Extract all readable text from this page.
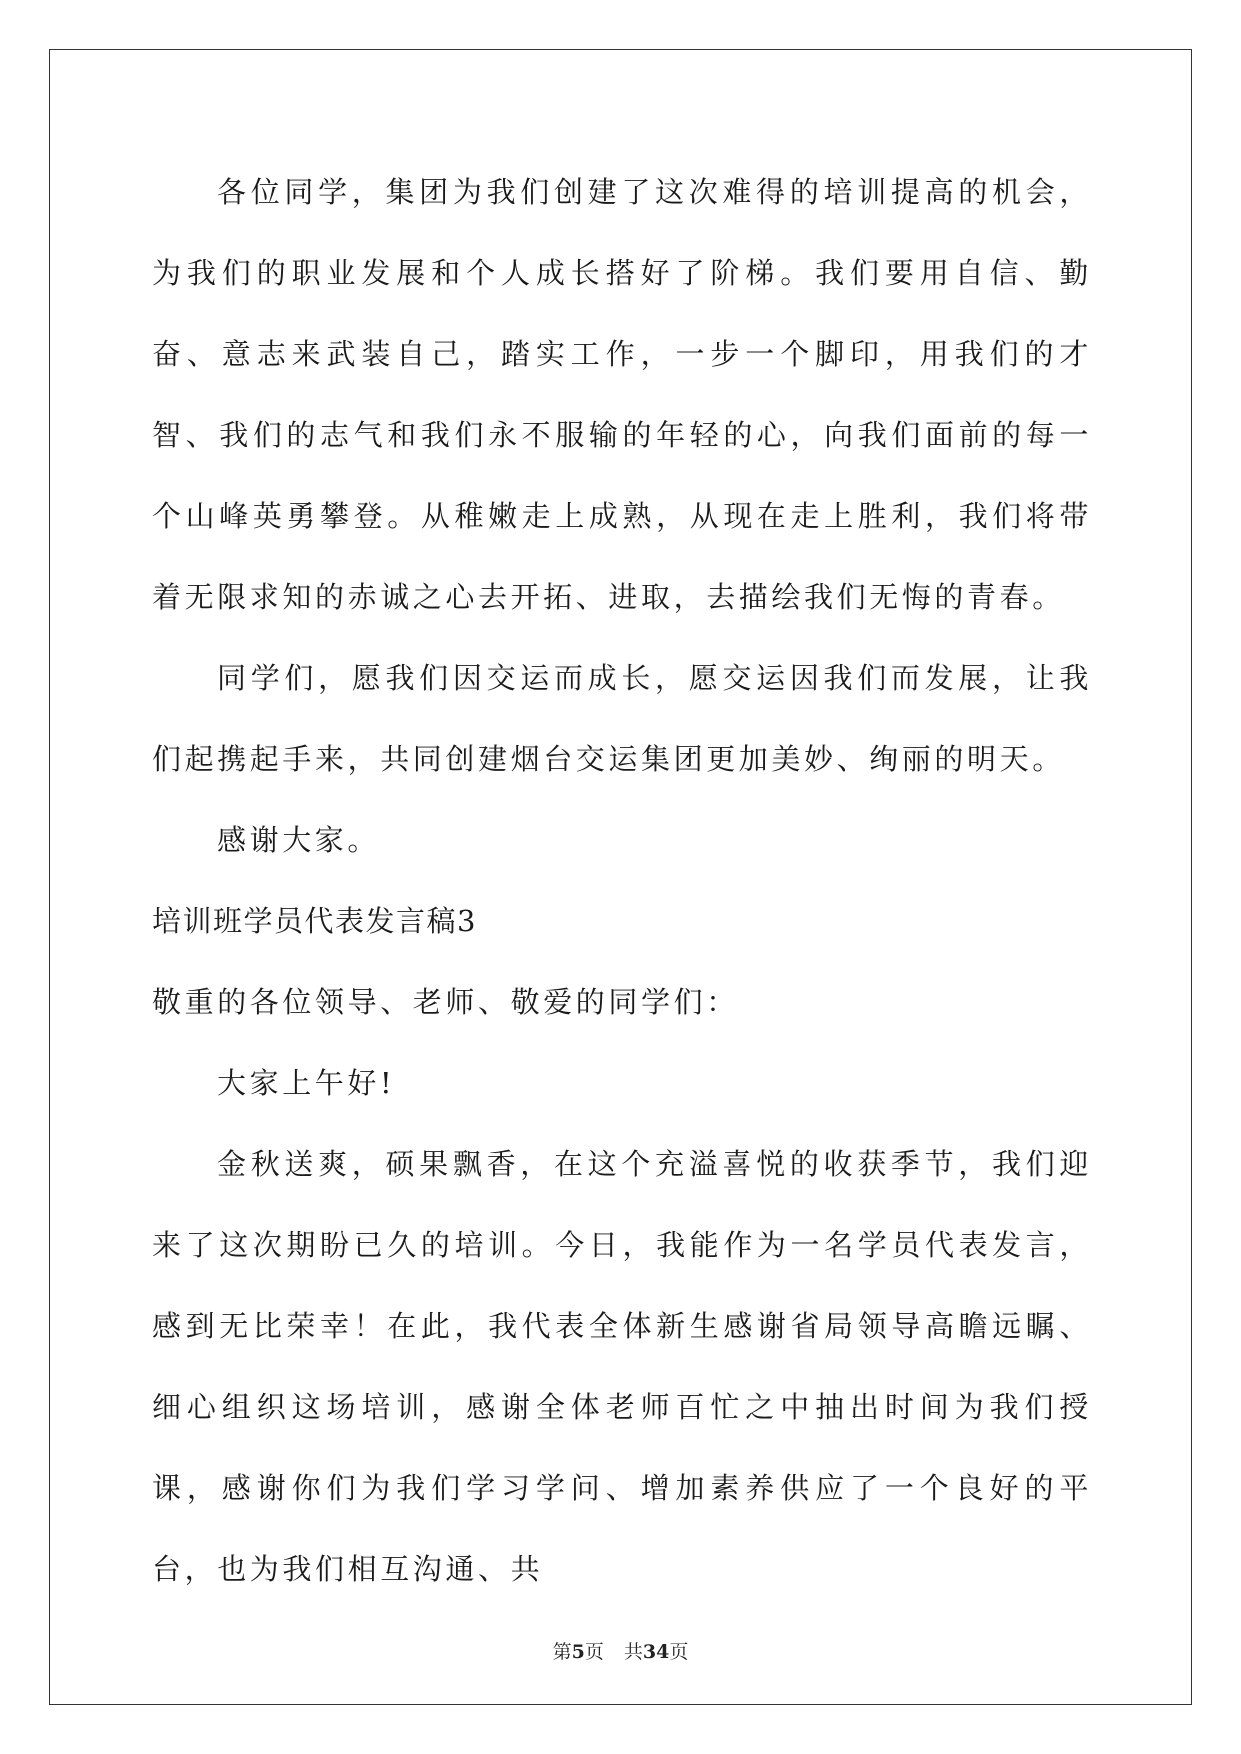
各位同学，集团为我们创建了这次难得的培训提高的机会，为我们的职业发展和个人成长搭好了阶梯。我们要用自信、勤奋、意志来武装自己，踏实工作，一步一个脚印，用我们的才智、我们的志气和我们永不服输的年轻的心，向我们面前的每一个山峰英勇攀登。从稚嫩走上成熟，从现在走上胜利，我们将带着无限求知的赤诚之心去开拓、进取，去描绘我们无悔的青春。

同学们，愿我们因交运而成长，愿交运因我们而发展，让我们起携起手来，共同创建烟台交运集团更加美妙、绚丽的明天。

感谢大家。

培训班学员代表发言稿3

敬重的各位领导、老师、敬爱的同学们：

大家上午好!

金秋送爽，硕果飘香，在这个充溢喜悦的收获季节，我们迎来了这次期盼已久的培训。今日，我能作为一名学员代表发言，感到无比荣幸！在此，我代表全体新生感谢省局领导高瞻远瞩、细心组织这场培训，感谢全体老师百忙之中抽出时间为我们授课，感谢你们为我们学习学问、增加素养供应了一个良好的平台，也为我们相互沟通、共

第5页 共34页
